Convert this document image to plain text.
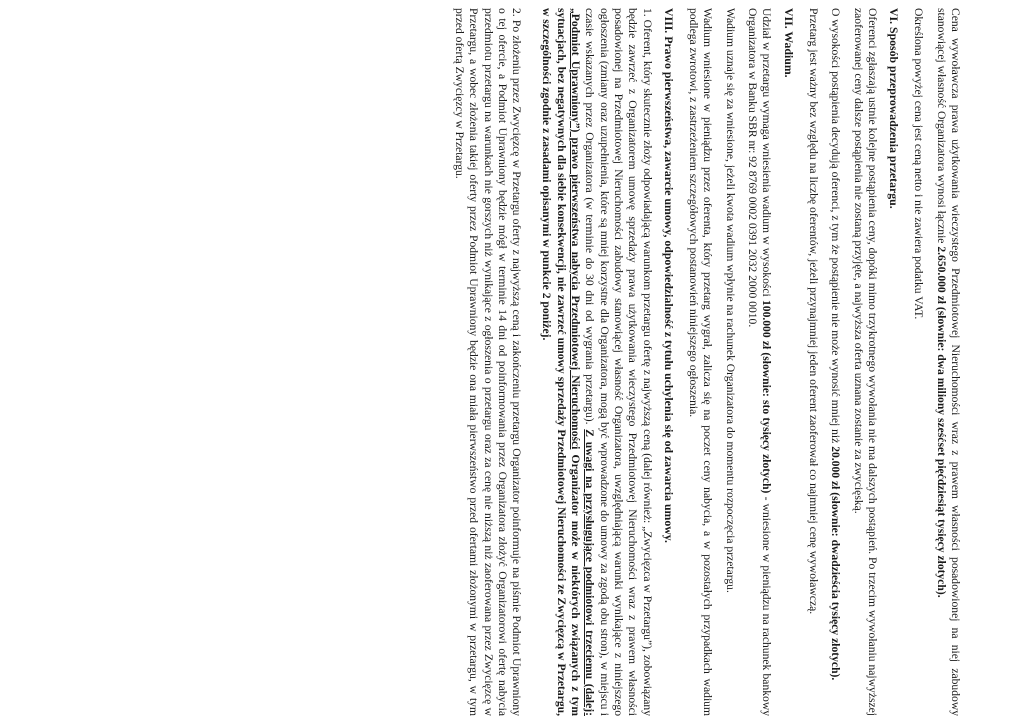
Cena wywoławcza prawa użytkowania wieczystego Przedmiotowej Nieruchomości wraz z prawem własności posadowionej na niej zabudowy stanowiącej własność Organizatora wynosi łącznie 2.650.000 zł (słownie: dwa miliony sześćset pięćdziesiąt tysięcy złotych).

Określona powyżej cena jest ceną netto i nie zawiera podatku VAT.

VI. Sposób przeprowadzenia przetargu.

Oferenci zgłaszają ustnie kolejne postąpienia ceny, dopóki mimo trzykrotnego wywołania nie ma dalszych postąpień. Po trzecim wywołaniu najwyższej zaoferowanej ceny dalsze postąpienia nie zostaną przyjęte, a najwyższa oferta uznana zostanie za zwycięską.

O wysokości postąpienia decydują oferenci, z tym że postąpienie nie może wynosić mniej niż 20.000 zł (słownie: dwadzieścia tysięcy złotych).

Przetarg jest ważny bez względu na liczbę oferentów, jeżeli przynajmniej jeden oferent zaoferował co najmniej cenę wywoławczą.

VII. Wadium.

Udział w przetargu wymaga wniesienia wadium w wysokości 100.000 zł (słownie: sto tysięcy złotych) - wniesione w pieniądzu na rachunek bankowy Organizatora w Banku SBR nr: 92 8769 0002 0391 2032 2000 0010.

Wadium uznaje się za wniesione, jeżeli kwota wadium wpłynie na rachunek Organizatora do momentu rozpoczęcia przetargu.

Wadium wniesione w pieniądzu przez oferenta, który przetarg wygrał, zalicza się na poczet ceny nabycia, a w pozostałych przypadkach wadium podlega zwrotowi, z zastrzeżeniem szczegółowych postanowień niniejszego ogłoszenia.

VIII. Prawo pierwszeństwa, zawarcie umowy, odpowiedzialność z tytułu uchylenia się od zawarcia umowy.

1. Oferent, który skutecznie złoży odpowiadającą warunkom przetargu ofertę z najwyższą ceną (dalej również: „Zwycięzca w Przetargu”), zobowiązany będzie zawrzeć z Organizatorem umowę sprzedaży prawa użytkowania wieczystego Przedmiotowej Nieruchomości wraz z prawem własności posadowionej na Przedmiotowej Nieruchomości zabudowy stanowiącej własność Organizatora, uwzględniającą warunki wynikające z niniejszego ogłoszenia (zmiany oraz uzupełnienia, które są mniej korzystne dla Organizatora, mogą być wprowadzone do umowy za zgodą obu stron), w miejscu i czasie wskazanych przez Organizatora (w terminie do 30 dni od wygrania przetargu). Z uwagi na przysługujące podmiotowi trzeciemu (dalej: „Podmiot Uprawniony”) prawo pierwszeństwa nabycia Przedmiotowej Nieruchomości Organizator może w niektórych związanych z tym sytuacjach, bez negatywnych dla siebie konsekwencji, nie zawrzeć umowy sprzedaży Przedmiotowej Nieruchomości ze Zwycięzcą w Przetargu, w szczególności zgodnie z zasadami opisanymi w punkcie 2 poniżej.

2. Po złożeniu przez Zwycięzcę w Przetargu oferty z najwyższą ceną i zakończeniu przetargu Organizator poinformuje na piśmie Podmiot Uprawniony o tej ofercie, a Podmiot Uprawniony będzie mógł w terminie 14 dni od poinformowania przez Organizatora złożyć Organizatorowi ofertę nabycia przedmiotu przetargu na warunkach nie gorszych niż wynikające z ogłoszenia o przetargu oraz za cenę nie niższą niż zaoferowana przez Zwycięzcę w Przetargu, a wobec złożenia takiej oferty przez Podmiot Uprawniony będzie ona miała pierwszeństwo przed ofertami złożonymi w przetargu, w tym przed ofertą Zwycięzcy w Przetargu.
